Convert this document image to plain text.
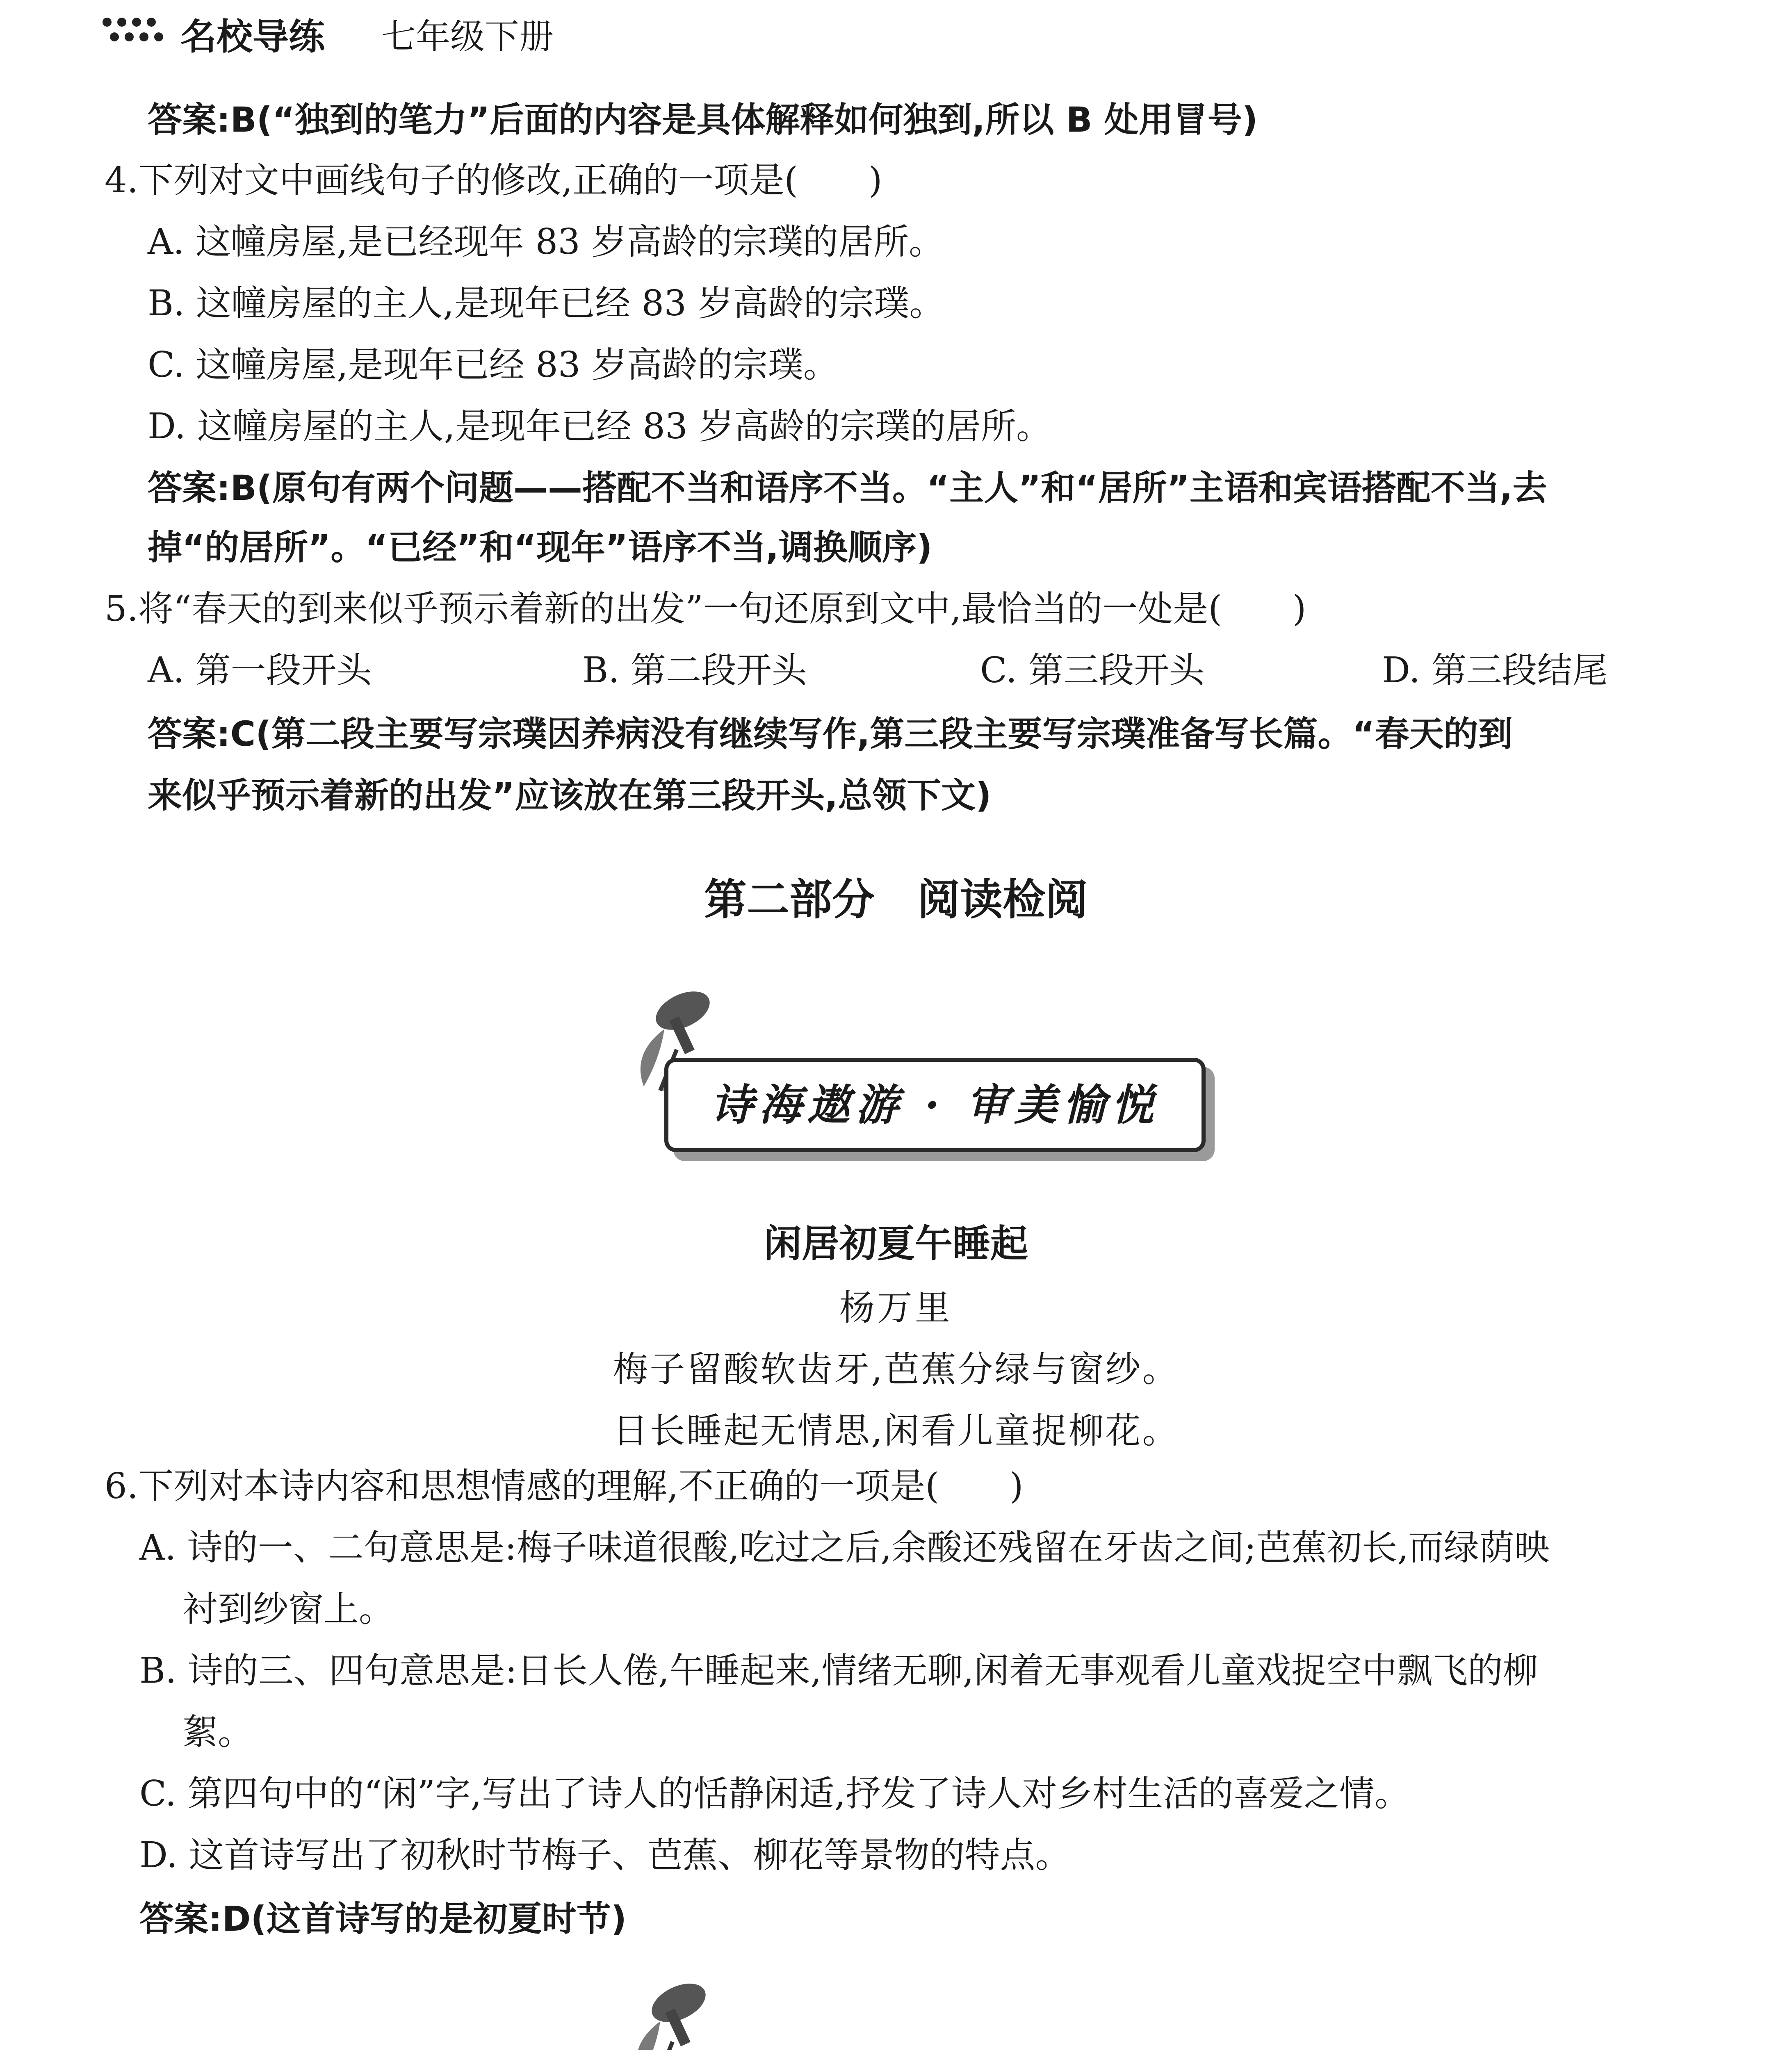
名校导练 七年级下册
答案:B(“独到的笔力”后面的内容是具体解释如何独到,所以 B 处用冒号)
4.下列对文中画线句子的修改,正确的一项是(　　)
A. 这幢房屋,是已经现年 83 岁高龄的宗璞的居所。
B. 这幢房屋的主人,是现年已经 83 岁高龄的宗璞。
C. 这幢房屋,是现年已经 83 岁高龄的宗璞。
D. 这幢房屋的主人,是现年已经 83 岁高龄的宗璞的居所。
答案:B(原句有两个问题——搭配不当和语序不当。“主人”和“居所”主语和宾语搭配不当,去
掉“的居所”。“已经”和“现年”语序不当,调换顺序)
5.将“春天的到来似乎预示着新的出发”一句还原到文中,最恰当的一处是(　　)
A. 第一段开头	B. 第二段开头	C. 第三段开头	D. 第三段结尾
答案:C(第二段主要写宗璞因养病没有继续写作,第三段主要写宗璞准备写长篇。“春天的到
来似乎预示着新的出发”应该放在第三段开头,总领下文)
第二部分　阅读检阅
诗海遨游 · 审美愉悦
闲居初夏午睡起
杨万里
梅子留酸软齿牙,芭蕉分绿与窗纱。
日长睡起无情思,闲看儿童捉柳花。
6.下列对本诗内容和思想情感的理解,不正确的一项是(　　)
A. 诗的一、二句意思是:梅子味道很酸,吃过之后,余酸还残留在牙齿之间;芭蕉初长,而绿荫映
衬到纱窗上。
B. 诗的三、四句意思是:日长人倦,午睡起来,情绪无聊,闲着无事观看儿童戏捉空中飘飞的柳
絮。
C. 第四句中的“闲”字,写出了诗人的恬静闲适,抒发了诗人对乡村生活的喜爱之情。
D. 这首诗写出了初秋时节梅子、芭蕉、柳花等景物的特点。
答案:D(这首诗写的是初夏时节)
